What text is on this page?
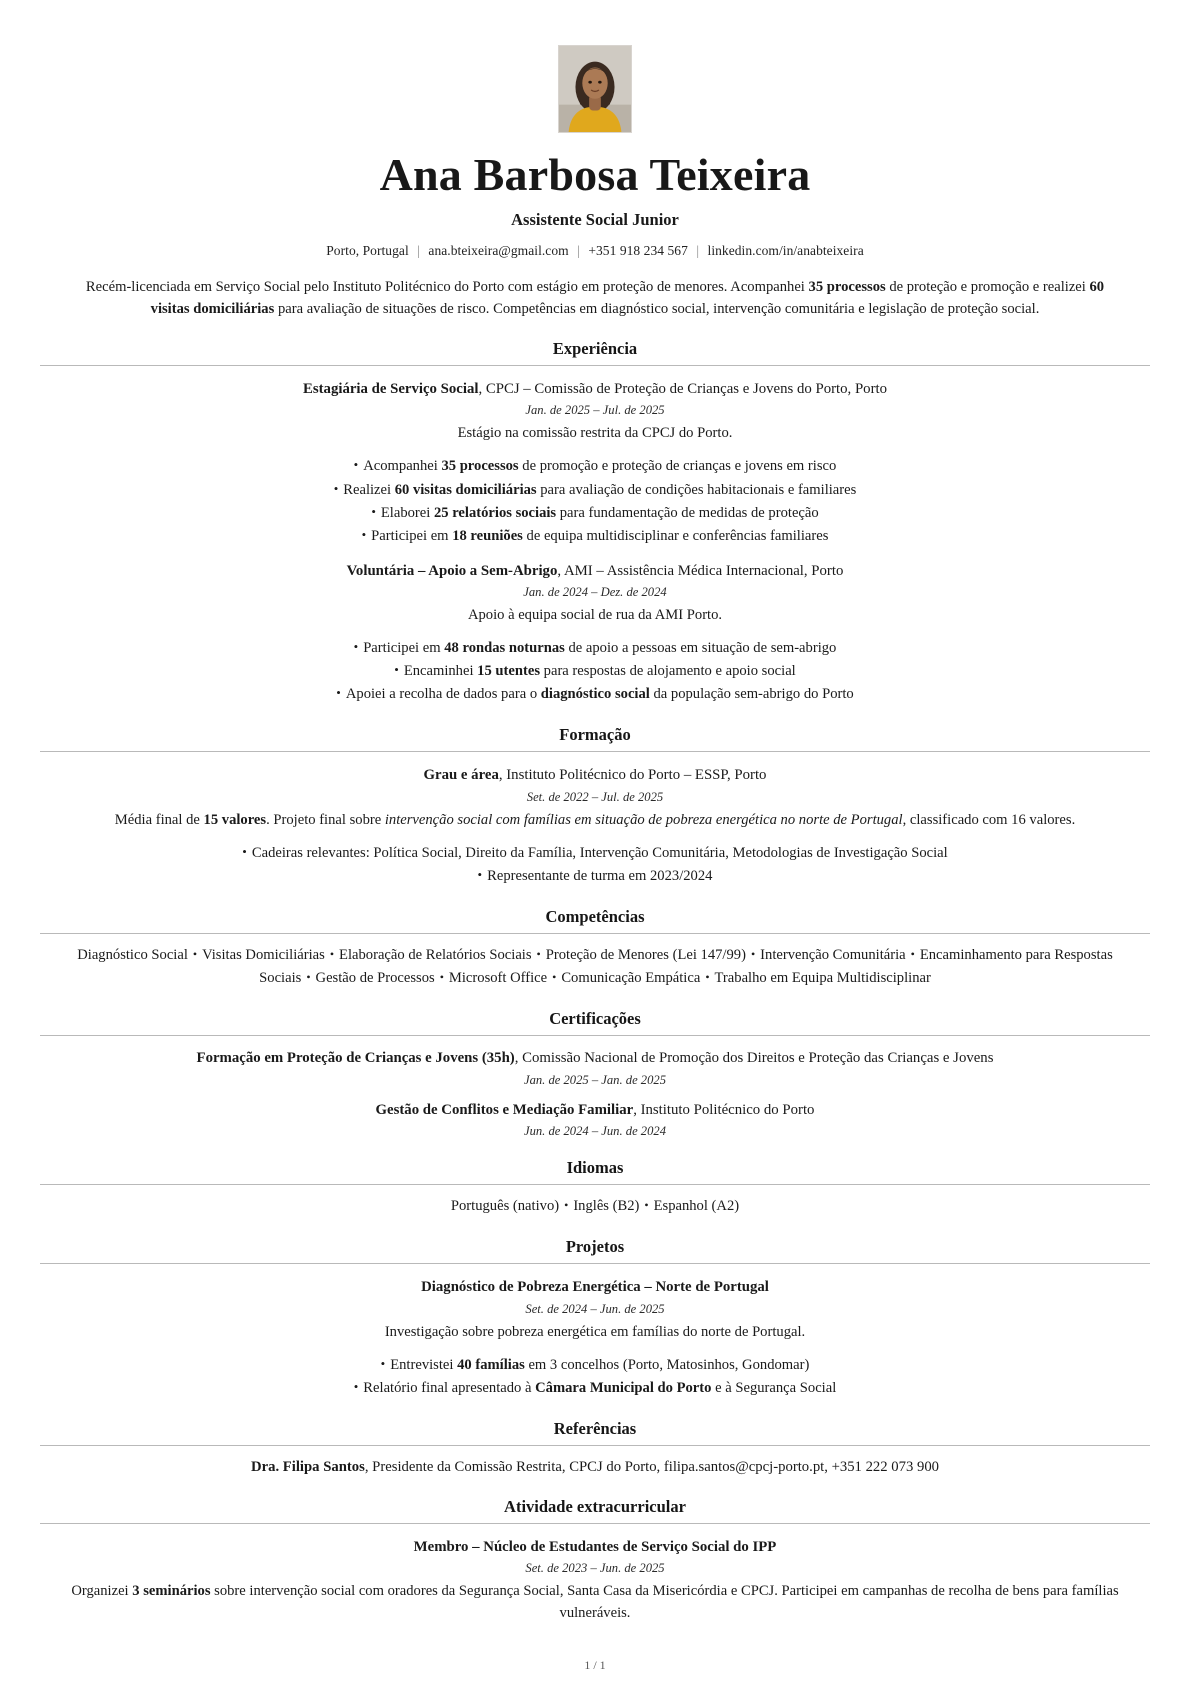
Ana Barbosa Teixeira
Assistente Social Junior
Porto, Portugal | ana.bteixeira@gmail.com | +351 918 234 567 | linkedin.com/in/anabteixeira

Recém-licenciada em Serviço Social pelo Instituto Politécnico do Porto com estágio em proteção de menores. Acompanhei 35 processos de proteção e promoção e realizei 60 visitas domiciliárias para avaliação de situações de risco. Competências em diagnóstico social, intervenção comunitária e legislação de proteção social.

Experiência
Estagiária de Serviço Social, CPCJ – Comissão de Proteção de Crianças e Jovens do Porto, Porto
Jan. de 2025 – Jul. de 2025
Estágio na comissão restrita da CPCJ do Porto.
• Acompanhei 35 processos de promoção e proteção de crianças e jovens em risco
• Realizei 60 visitas domiciliárias para avaliação de condições habitacionais e familiares
• Elaborei 25 relatórios sociais para fundamentação de medidas de proteção
• Participei em 18 reuniões de equipa multidisciplinar e conferências familiares
Voluntária – Apoio a Sem-Abrigo, AMI – Assistência Médica Internacional, Porto
Jan. de 2024 – Dez. de 2024
Apoio à equipa social de rua da AMI Porto.
• Participei em 48 rondas noturnas de apoio a pessoas em situação de sem-abrigo
• Encaminhei 15 utentes para respostas de alojamento e apoio social
• Apoiei a recolha de dados para o diagnóstico social da população sem-abrigo do Porto
Formação
Grau e área, Instituto Politécnico do Porto – ESSP, Porto
Set. de 2022 – Jul. de 2025
Média final de 15 valores. Projeto final sobre intervenção social com famílias em situação de pobreza energética no norte de Portugal, classificado com 16 valores.
• Cadeiras relevantes: Política Social, Direito da Família, Intervenção Comunitária, Metodologias de Investigação Social
• Representante de turma em 2023/2024
Competências
Diagnóstico Social • Visitas Domiciliárias • Elaboração de Relatórios Sociais • Proteção de Menores (Lei 147/99) • Intervenção Comunitária • Encaminhamento para Respostas Sociais • Gestão de Processos • Microsoft Office • Comunicação Empática • Trabalho em Equipa Multidisciplinar
Certificações
Formação em Proteção de Crianças e Jovens (35h), Comissão Nacional de Promoção dos Direitos e Proteção das Crianças e Jovens
Jan. de 2025 – Jan. de 2025
Gestão de Conflitos e Mediação Familiar, Instituto Politécnico do Porto
Jun. de 2024 – Jun. de 2024
Idiomas
Português (nativo) • Inglês (B2) • Espanhol (A2)
Projetos
Diagnóstico de Pobreza Energética – Norte de Portugal
Set. de 2024 – Jun. de 2025
Investigação sobre pobreza energética em famílias do norte de Portugal.
• Entrevistei 40 famílias em 3 concelhos (Porto, Matosinhos, Gondomar)
• Relatório final apresentado à Câmara Municipal do Porto e à Segurança Social
Referências
Dra. Filipa Santos, Presidente da Comissão Restrita, CPCJ do Porto, filipa.santos@cpcj-porto.pt, +351 222 073 900
Atividade extracurricular
Membro – Núcleo de Estudantes de Serviço Social do IPP
Set. de 2023 – Jun. de 2025
Organizei 3 seminários sobre intervenção social com oradores da Segurança Social, Santa Casa da Misericórdia e CPCJ. Participei em campanhas de recolha de bens para famílias vulneráveis.
1 / 1
